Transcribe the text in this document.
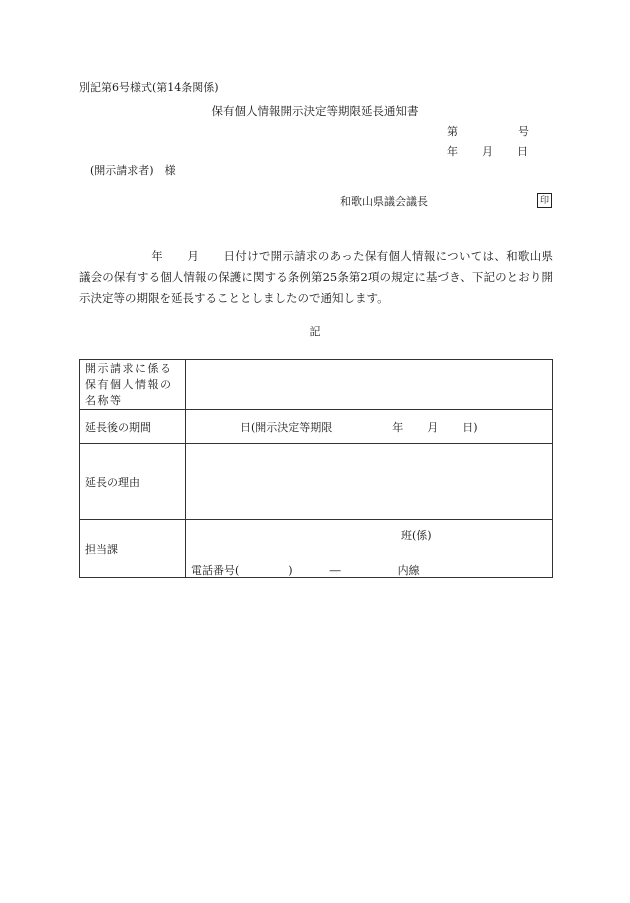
別記第6号様式(第14条関係)
保有個人情報開示決定等期限延長通知書
第	号
年 月 日
(開示請求者)　様
和歌山県議会議長	印

年 月 日付けで開示請求のあった保有個人情報については、和歌山県議会の保有する個人情報の保護に関する条例第25条第2項の規定に基づき、下記のとおり開示決定等の期限を延長することとしましたので通知します。

記
開示請求に係る
保有個人情報の
名称等	

延長後の期間	日(開示決定等期限 年 月 日)

延長の理由	
担当課	班(係)
電話番号( ) ― 内線
